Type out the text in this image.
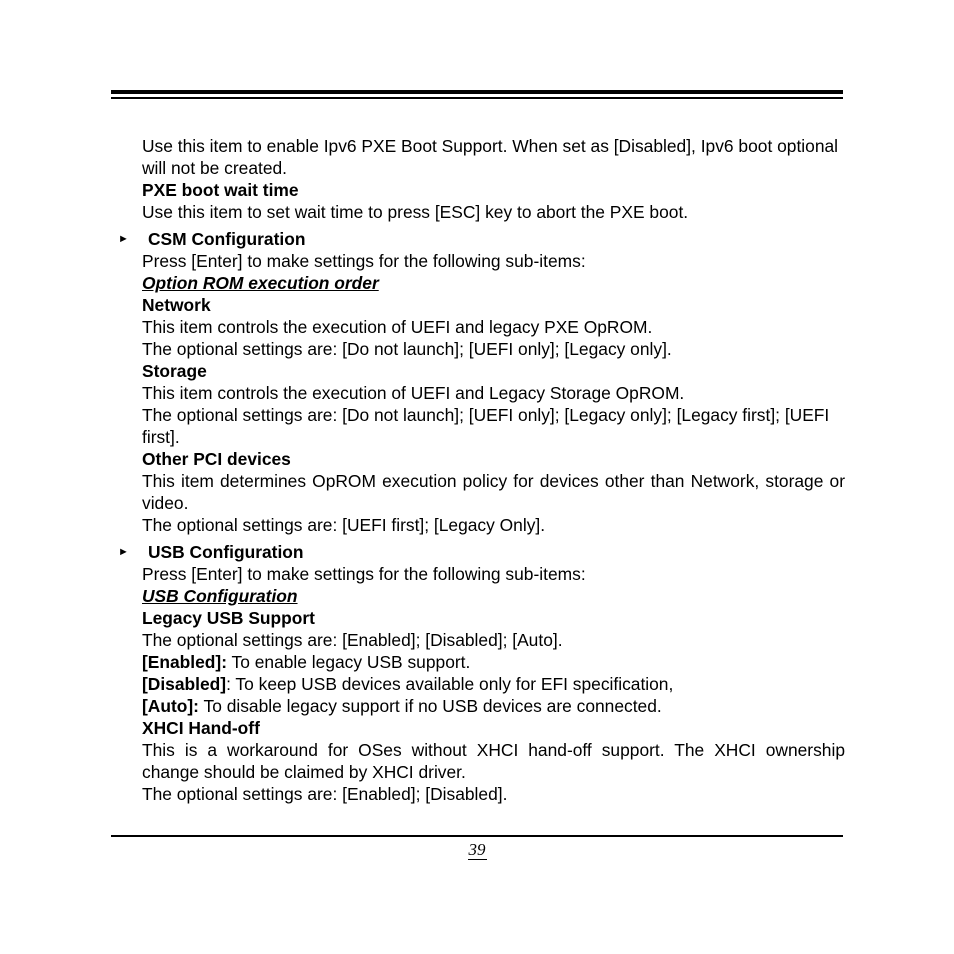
Use this item to enable Ipv6 PXE Boot Support. When set as [Disabled], Ipv6 boot optional will not be created.

PXE boot wait time

Use this item to set wait time to press [ESC] key to abort the PXE boot.

►	CSM Configuration

Press [Enter] to make settings for the following sub-items:

Option ROM execution order

Network

This item controls the execution of UEFI and legacy PXE OpROM.

The optional settings are: [Do not launch]; [UEFI only]; [Legacy only].

Storage

This item controls the execution of UEFI and Legacy Storage OpROM.

The optional settings are: [Do not launch]; [UEFI only]; [Legacy only]; [Legacy first]; [UEFI first].

Other PCI devices

This item determines OpROM execution policy for devices other than Network, storage or video.

The optional settings are: [UEFI first]; [Legacy Only].

►	USB Configuration

Press [Enter] to make settings for the following sub-items:

USB Configuration

Legacy USB Support

The optional settings are: [Enabled]; [Disabled]; [Auto].

[Enabled]: To enable legacy USB support.

[Disabled]: To keep USB devices available only for EFI specification,

[Auto]: To disable legacy support if no USB devices are connected.

XHCI Hand-off

This is a workaround for OSes without XHCI hand-off support. The XHCI ownership change should be claimed by XHCI driver.

The optional settings are: [Enabled]; [Disabled].

39
